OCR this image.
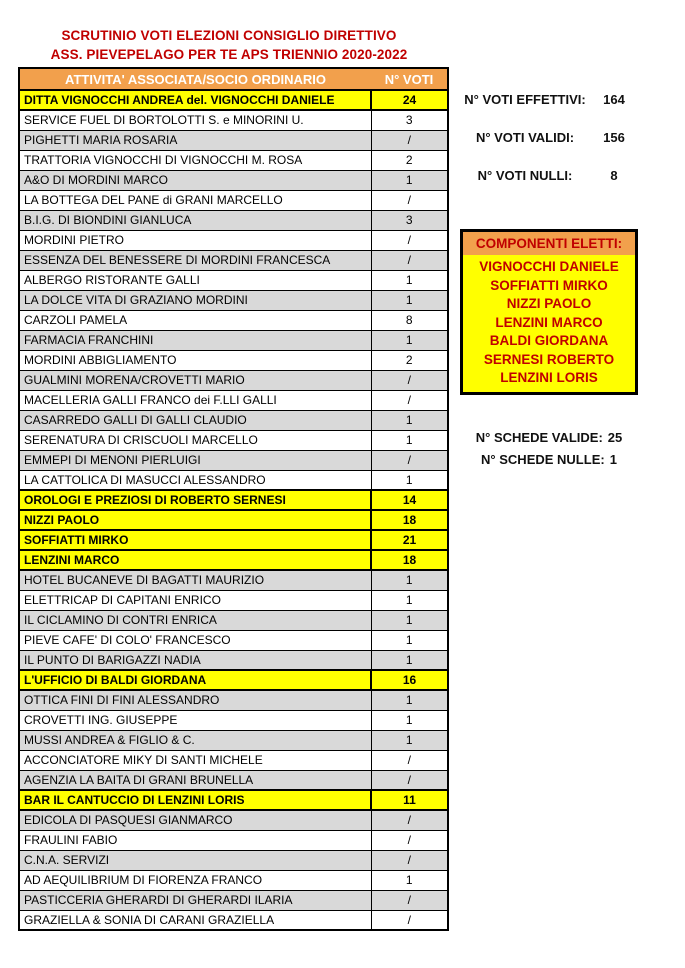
SCRUTINIO VOTI ELEZIONI CONSIGLIO DIRETTIVO
ASS. PIEVEPELAGO PER TE APS TRIENNIO 2020-2022
ATTIVITA' ASSOCIATA/SOCIO ORDINARIO	N° VOTI
DITTA VIGNOCCHI ANDREA del. VIGNOCCHI DANIELE	24
SERVICE FUEL DI BORTOLOTTI S. e MINORINI U.	3
PIGHETTI MARIA ROSARIA	/
TRATTORIA VIGNOCCHI DI VIGNOCCHI M. ROSA	2
A&O DI MORDINI MARCO	1
LA BOTTEGA DEL PANE di GRANI MARCELLO	/
B.I.G. DI BIONDINI GIANLUCA	3
MORDINI PIETRO	/
ESSENZA DEL BENESSERE DI MORDINI FRANCESCA	/
ALBERGO RISTORANTE GALLI	1
LA DOLCE VITA DI GRAZIANO MORDINI	1
CARZOLI PAMELA	8
FARMACIA FRANCHINI	1
MORDINI ABBIGLIAMENTO	2
GUALMINI MORENA/CROVETTI MARIO	/
MACELLERIA GALLI FRANCO dei F.LLI GALLI	/
CASARREDO GALLI DI GALLI CLAUDIO	1
SERENATURA DI CRISCUOLI MARCELLO	1
EMMEPI DI MENONI PIERLUIGI	/
LA CATTOLICA DI MASUCCI ALESSANDRO	1
OROLOGI E PREZIOSI DI ROBERTO SERNESI	14
NIZZI PAOLO	18
SOFFIATTI MIRKO	21
LENZINI MARCO	18
HOTEL BUCANEVE DI BAGATTI MAURIZIO	1
ELETTRICAP DI CAPITANI ENRICO	1
IL CICLAMINO DI CONTRI ENRICA	1
PIEVE CAFE' DI COLO' FRANCESCO	1
IL PUNTO DI BARIGAZZI NADIA	1
L'UFFICIO DI BALDI GIORDANA	16
OTTICA FINI DI FINI ALESSANDRO	1
CROVETTI ING. GIUSEPPE	1
MUSSI ANDREA & FIGLIO & C.	1
ACCONCIATORE MIKY DI SANTI MICHELE	/
AGENZIA LA BAITA DI GRANI BRUNELLA	/
BAR IL CANTUCCIO DI LENZINI LORIS	11
EDICOLA DI PASQUESI GIANMARCO	/
FRAULINI FABIO	/
C.N.A. SERVIZI	/
AD AEQUILIBRIUM DI FIORENZA FRANCO	1
PASTICCERIA GHERARDI DI GHERARDI ILARIA	/
GRAZIELLA & SONIA DI CARANI GRAZIELLA	/
N° VOTI EFFETTIVI:	164
N° VOTI VALIDI:	156
N° VOTI NULLI:	8
COMPONENTI ELETTI:
VIGNOCCHI DANIELE
SOFFIATTI MIRKO
NIZZI PAOLO
LENZINI MARCO
BALDI GIORDANA
SERNESI ROBERTO
LENZINI LORIS
N° SCHEDE VALIDE: 25
N° SCHEDE NULLE: 1
